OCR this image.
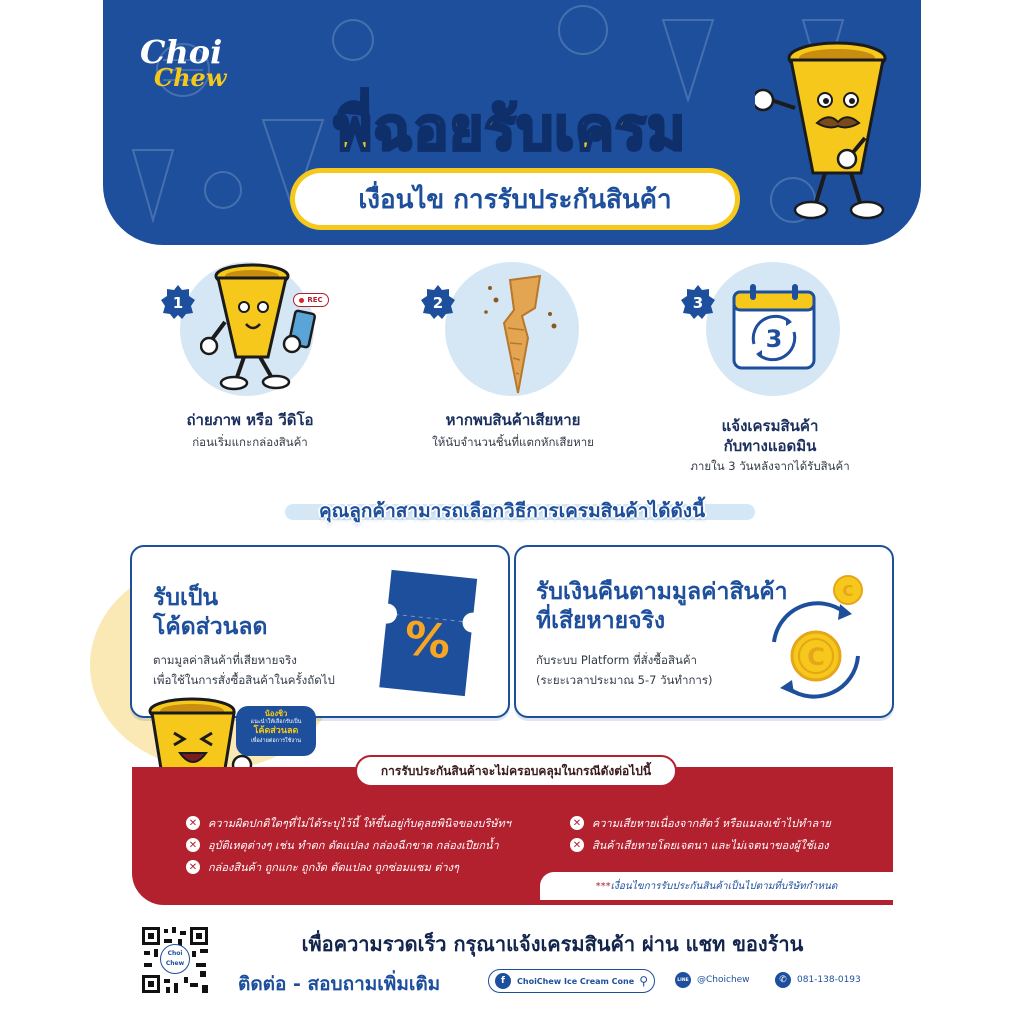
Choi
Chew
พี่ฉอยรับเครม
เงื่อนไข การรับประกันสินค้า
1	REC
ถ่ายภาพ หรือ วีดิโอ
ก่อนเริ่มแกะกล่องสินค้า
2
หากพบสินค้าเสียหาย
ให้นับจำนวนชิ้นที่แตกหักเสียหาย
3
3
แจ้งเครมสินค้า
กับทางแอดมิน
ภายใน 3 วันหลังจากได้รับสินค้า
คุณลูกค้าสามารถเลือกวิธีการเครมสินค้าได้ดังนี้
รับเป็น
โค้ดส่วนลด
ตามมูลค่าสินค้าที่เสียหายจริง
เพื่อใช้ในการสั่งซื้อสินค้าในครั้งถัดไป
%
รับเงินคืนตามมูลค่าสินค้า
ที่เสียหายจริง
กับระบบ Platform ที่สั่งซื้อสินค้า
(ระยะเวลาประมาณ 5-7 วันทำการ)
C
C
น้องชิว
แนะนำให้เลือกรับเป็น
โค้ดส่วนลด
เพื่อง่ายต่อการใช้งาน
การรับประกันสินค้าจะไม่ครอบคลุมในกรณีดังต่อไปนี้
✕ ความผิดปกติใดๆที่ไม่ได้ระบุไว้นี้ ให้ขึ้นอยู่กับดุลยพินิจของบริษัทฯ
✕ อุบัติเหตุต่างๆ เช่น ทำตก ดัดแปลง กล่องฉีกขาด กล่องเปียกน้ำ
✕ กล่องสินค้า ถูกแกะ ถูกงัด ดัดแปลง ถูกซ่อมแซม ต่างๆ
✕ ความเสียหายเนื่องจากสัตว์ หรือแมลงเข้าไปทำลาย
✕ สินค้าเสียหายโดยเจตนา และไม่เจตนาของผู้ใช้เอง
*** เงื่อนไขการรับประกันสินค้าเป็นไปตามที่บริษัทกำหนด
Choi
Chew
เพื่อความรวดเร็ว กรุณาแจ้งเครมสินค้า ผ่าน แชท ของร้าน
ติดต่อ - สอบถามเพิ่มเติม	f	ChoiChew Ice Cream Cone ⚲	LINE @Choichew	✆	081-138-0193
